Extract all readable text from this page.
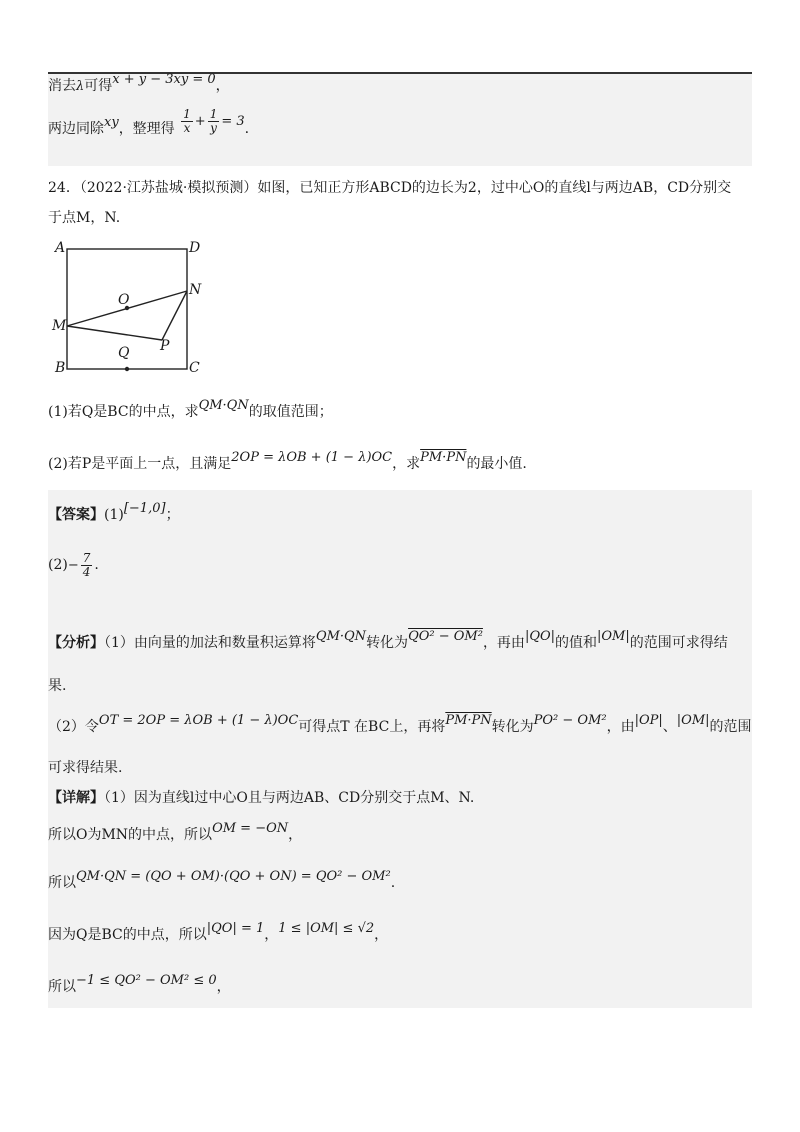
消去λ可得x + y − 3xy = 0，
两边同除xy，整理得 $\frac{1}{x} + \frac{1}{y} = 3$.
24．（2022·江苏盐城·模拟预测）如图，已知正方形ABCD的边长为2，过中心O的直线l与两边AB，CD分别交
于点M，N.
A	D
N
O
M
P
Q
B	C
(1)若Q是BC的中点，求QM·QN的取值范围；
(2)若P是平面上一点，且满足2OP = λOB + (1 − λ)OC，求PM·PN的最小值.
【答案】(1)[−1,0]；
$(2)- \frac{7}{4}$ .
【分析】（1）由向量的加法和数量积运算将QM·QN转化为QO² − OM²，再由|QO|的值和|OM|的范围可求得结
果.
（2）令OT = 2OP = λOB + (1 − λ)OC可得点T 在BC上，再将PM·PN转化为PO² − OM²，由|OP|、|OM|的范围
可求得结果.
【详解】（1）因为直线l过中心O且与两边AB、CD分别交于点M、N.
所以O为MN的中点，所以OM = −ON，
所以QM·QN = (QO + OM)·(QO + ON) = QO² − OM².
因为Q是BC的中点，所以|QO| = 1，1 ≤ |OM| ≤ √2，
所以−1 ≤ QO² − OM² ≤ 0，
